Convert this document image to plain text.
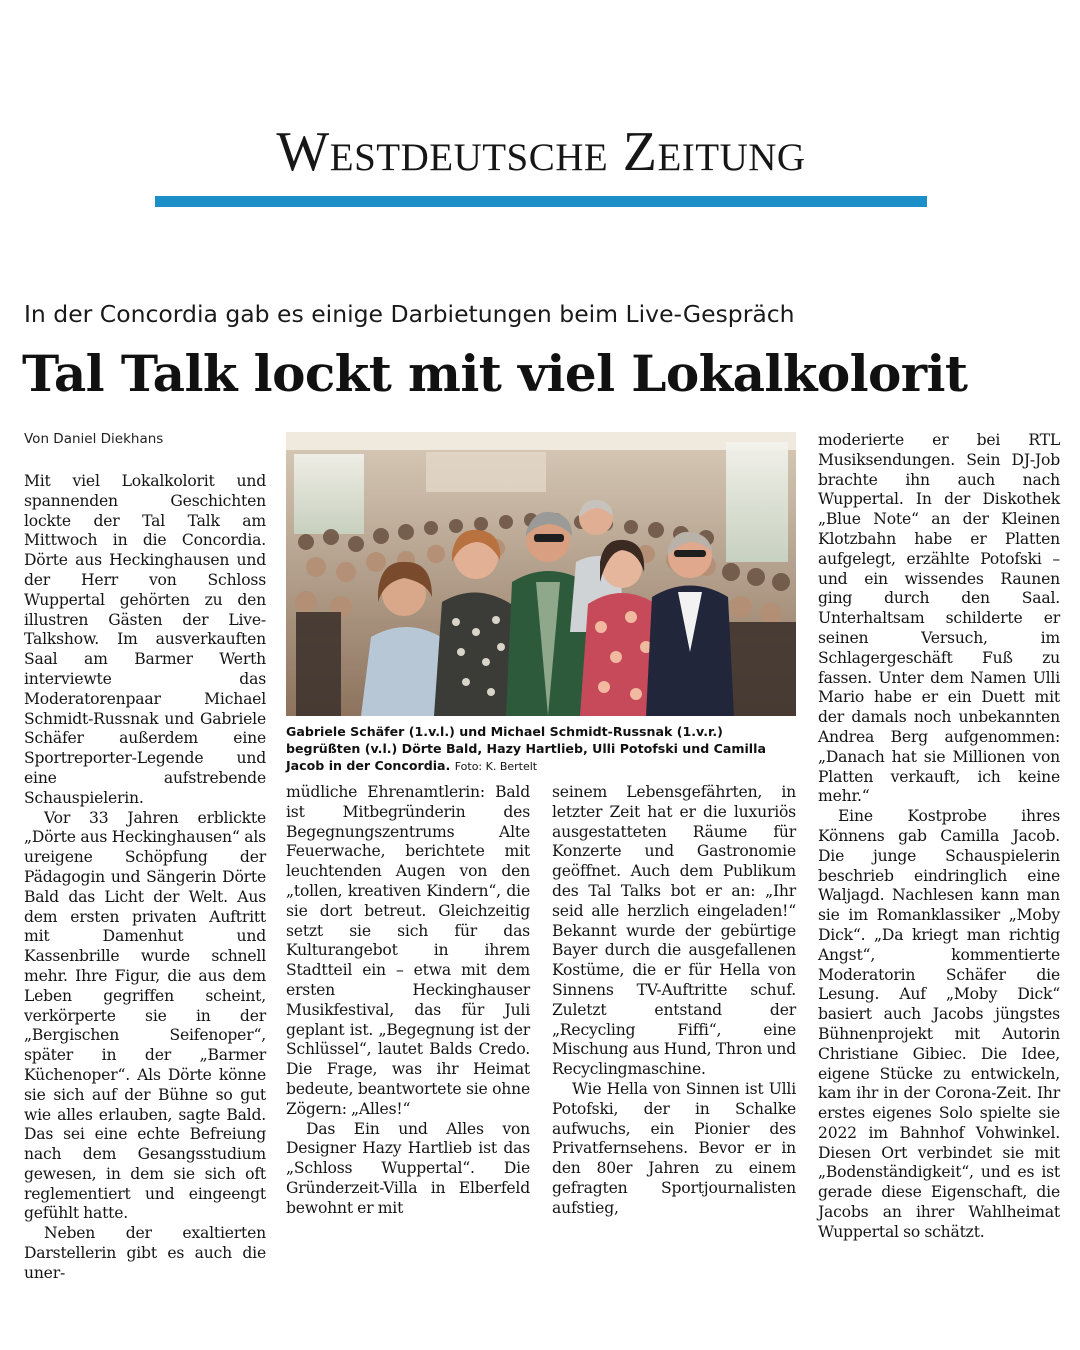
Westdeutsche Zeitung
In der Concordia gab es einige Darbietungen beim Live-Gespräch
Tal Talk lockt mit viel Lokalkolorit
Von Daniel Diekhans

Mit viel Lokalkolorit und spannenden Geschichten lockte der Tal Talk am Mittwoch in die Concordia. Dörte aus Heckinghausen und der Herr von Schloss Wuppertal gehörten zu den illustren Gästen der Live-Talkshow. Im ausverkauften Saal am Barmer Werth interviewte das Moderatorenpaar Michael Schmidt-Russnak und Gabriele Schäfer außerdem eine Sportreporter-Legende und eine aufstrebende Schauspielerin.

Vor 33 Jahren erblickte „Dörte aus Heckinghausen“ als ureigene Schöpfung der Pädagogin und Sängerin Dörte Bald das Licht der Welt. Aus dem ersten privaten Auftritt mit Damenhut und Kassenbrille wurde schnell mehr. Ihre Figur, die aus dem Leben gegriffen scheint, verkörperte sie in der „Bergischen Seifenoper“, später in der „Barmer Küchenoper“. Als Dörte könne sie sich auf der Bühne so gut wie alles erlauben, sagte Bald. Das sei eine echte Befreiung nach dem Gesangsstudium gewesen, in dem sie sich oft reglementiert und eingeengt gefühlt hatte.

Neben der exaltierten Darstellerin gibt es auch die uner-

Gabriele Schäfer (1.v.l.) und Michael Schmidt-Russnak (1.v.r.) begrüßten (v.l.) Dörte Bald, Hazy Hartlieb, Ulli Potofski und Camilla Jacob in der Concordia. Foto: K. Bertelt

müdliche Ehrenamtlerin: Bald ist Mitbegründerin des Begegnungszentrums Alte Feuerwache, berichtete mit leuchtenden Augen von den „tollen, kreativen Kindern“, die sie dort betreut. Gleichzeitig setzt sie sich für das Kulturangebot in ihrem Stadtteil ein – etwa mit dem ersten Heckinghauser Musikfestival, das für Juli geplant ist. „Begegnung ist der Schlüssel“, lautet Balds Credo. Die Frage, was ihr Heimat bedeute, beantwortete sie ohne Zögern: „Alles!“

Das Ein und Alles von Designer Hazy Hartlieb ist das „Schloss Wuppertal“. Die Gründerzeit-Villa in Elberfeld bewohnt er mit

seinem Lebensgefährten, in letzter Zeit hat er die luxuriös ausgestatteten Räume für Konzerte und Gastronomie geöffnet. Auch dem Publikum des Tal Talks bot er an: „Ihr seid alle herzlich eingeladen!“ Bekannt wurde der gebürtige Bayer durch die ausgefallenen Kostüme, die er für Hella von Sinnens TV-Auftritte schuf. Zuletzt entstand der „Recycling Fiffi“, eine Mischung aus Hund, Thron und Recyclingmaschine.

Wie Hella von Sinnen ist Ulli Potofski, der in Schalke aufwuchs, ein Pionier des Privatfernsehens. Bevor er in den 80er Jahren zu einem gefragten Sportjournalisten aufstieg,

moderierte er bei RTL Musiksendungen. Sein DJ-Job brachte ihn auch nach Wuppertal. In der Diskothek „Blue Note“ an der Kleinen Klotzbahn habe er Platten aufgelegt, erzählte Potofski – und ein wissendes Raunen ging durch den Saal. Unterhaltsam schilderte er seinen Versuch, im Schlagergeschäft Fuß zu fassen. Unter dem Namen Ulli Mario habe er ein Duett mit der damals noch unbekannten Andrea Berg aufgenommen: „Danach hat sie Millionen von Platten verkauft, ich keine mehr.“

Eine Kostprobe ihres Könnens gab Camilla Jacob. Die junge Schauspielerin beschrieb eindringlich eine Waljagd. Nachlesen kann man sie im Romanklassiker „Moby Dick“. „Da kriegt man richtig Angst“, kommentierte Moderatorin Schäfer die Lesung. Auf „Moby Dick“ basiert auch Jacobs jüngstes Bühnenprojekt mit Autorin Christiane Gibiec. Die Idee, eigene Stücke zu entwickeln, kam ihr in der Corona-Zeit. Ihr erstes eigenes Solo spielte sie 2022 im Bahnhof Vohwinkel. Diesen Ort verbindet sie mit „Bodenständigkeit“, und es ist gerade diese Eigenschaft, die Jacobs an ihrer Wahlheimat Wuppertal so schätzt.
